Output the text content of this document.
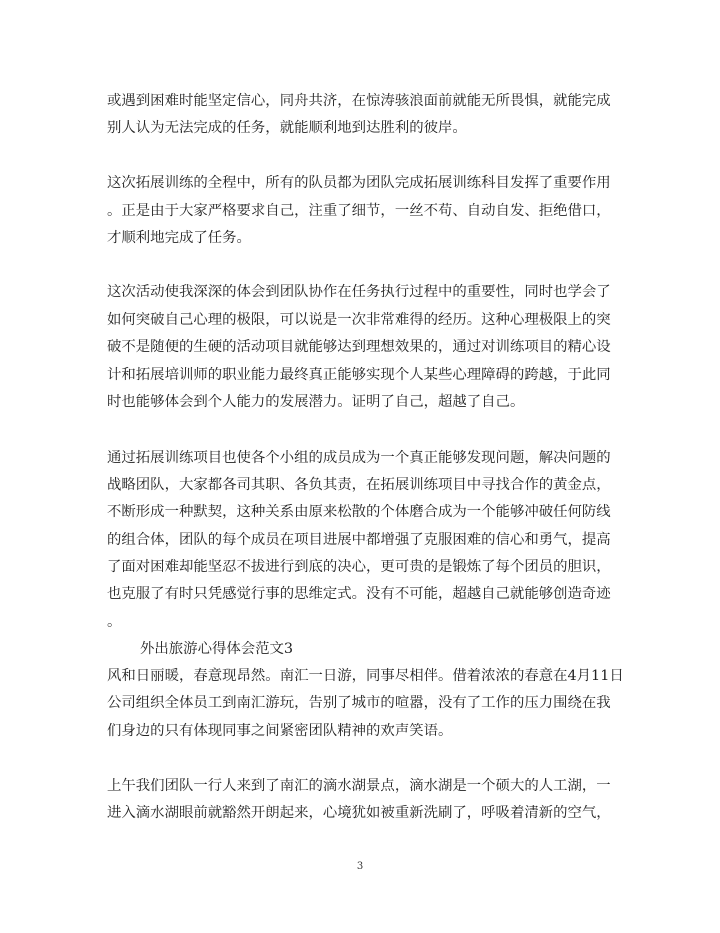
3
或遇到困难时能坚定信心，同舟共济，在惊涛骇浪面前就能无所畏惧，就能完成
别人认为无法完成的任务，就能顺利地到达胜利的彼岸。
这次拓展训练的全程中，所有的队员都为团队完成拓展训练科目发挥了重要作用
。正是由于大家严格要求自己，注重了细节，一丝不苟、自动自发、拒绝借口，
才顺利地完成了任务。
这次活动使我深深的体会到团队协作在任务执行过程中的重要性，同时也学会了
如何突破自己心理的极限，可以说是一次非常难得的经历。这种心理极限上的突
破不是随便的生硬的活动项目就能够达到理想效果的，通过对训练项目的精心设
计和拓展培训师的职业能力最终真正能够实现个人某些心理障碍的跨越，于此同
时也能够体会到个人能力的发展潜力。证明了自己，超越了自己。
通过拓展训练项目也使各个小组的成员成为一个真正能够发现问题，解决问题的
战略团队，大家都各司其职、各负其责，在拓展训练项目中寻找合作的黄金点，
不断形成一种默契，这种关系由原来松散的个体磨合成为一个能够冲破任何防线
的组合体，团队的每个成员在项目进展中都增强了克服困难的信心和勇气，提高
了面对困难却能坚忍不拔进行到底的决心，更可贵的是锻炼了每个团员的胆识，
也克服了有时只凭感觉行事的思维定式。没有不可能，超越自己就能够创造奇迹
。
外出旅游心得体会范文3
风和日丽暖，春意现昂然。南汇一日游，同事尽相伴。借着浓浓的春意在4月11日
公司组织全体员工到南汇游玩，告别了城市的喧嚣，没有了工作的压力围绕在我
们身边的只有体现同事之间紧密团队精神的欢声笑语。
上午我们团队一行人来到了南汇的滴水湖景点，滴水湖是一个硕大的人工湖，一
进入滴水湖眼前就豁然开朗起来，心境犹如被重新洗刷了，呼吸着清新的空气，
